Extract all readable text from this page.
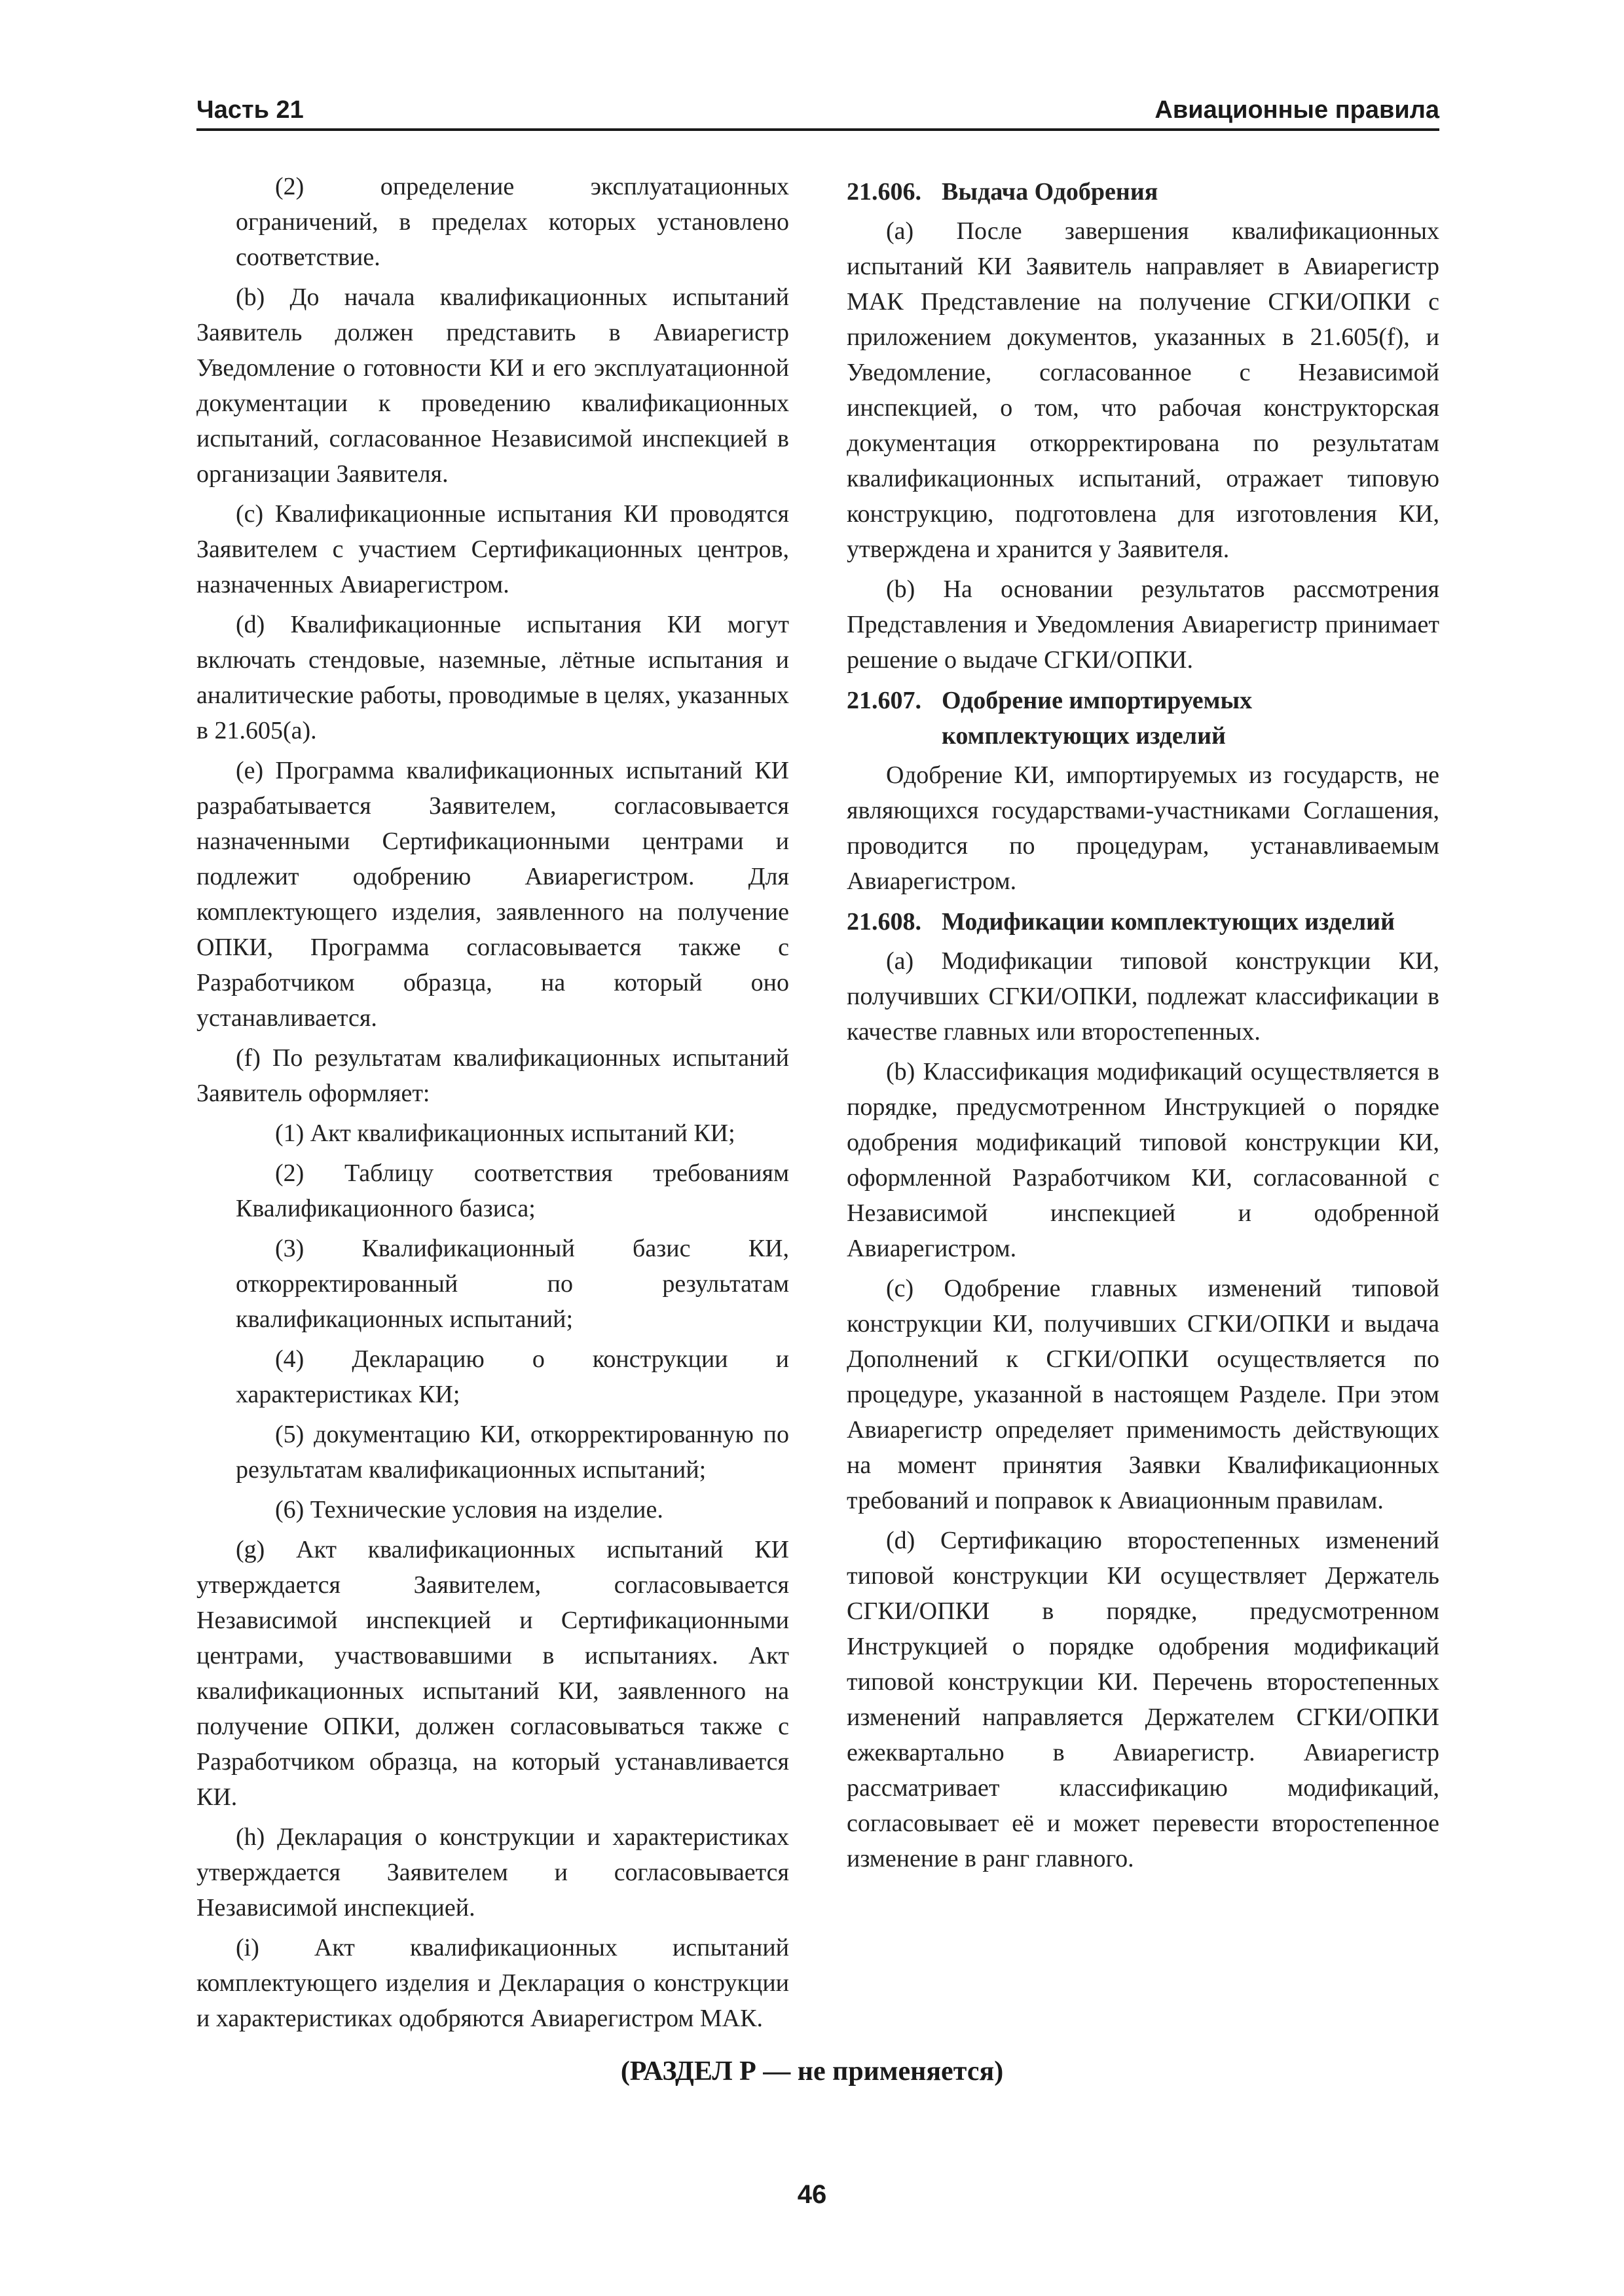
Часть 21	Авиационные правила

(2) определение эксплуатационных ограничений, в пределах которых установлено соответствие.

(b) До начала квалификационных испытаний Заявитель должен представить в Авиарегистр Уведомление о готовности КИ и его эксплуатационной документации к проведению квалификационных испытаний, согласованное Независимой инспекцией в организации Заявителя.

(c) Квалификационные испытания КИ проводятся Заявителем с участием Сертификационных центров, назначенных Авиарегистром.

(d) Квалификационные испытания КИ могут включать стендовые, наземные, лётные испытания и аналитические работы, проводимые в целях, указанных в 21.605(a).

(e) Программа квалификационных испытаний КИ разрабатывается Заявителем, согласовывается назначенными Сертификационными центрами и подлежит одобрению Авиарегистром. Для комплектующего изделия, заявленного на получение ОПКИ, Программа согласовывается также с Разработчиком образца, на который оно устанавливается.

(f) По результатам квалификационных испытаний Заявитель оформляет:

(1) Акт квалификационных испытаний КИ;

(2) Таблицу соответствия требованиям Квалификационного базиса;

(3) Квалификационный базис КИ, откорректированный по результатам квалификационных испытаний;

(4) Декларацию о конструкции и характеристиках КИ;

(5) документацию КИ, откорректированную по результатам квалификационных испытаний;

(6) Технические условия на изделие.

(g) Акт квалификационных испытаний КИ утверждается Заявителем, согласовывается Независимой инспекцией и Сертификационными центрами, участвовавшими в испытаниях. Акт квалификационных испытаний КИ, заявленного на получение ОПКИ, должен согласовываться также с Разработчиком образца, на который устанавливается КИ.

(h) Декларация о конструкции и характеристиках утверждается Заявителем и согласовывается Независимой инспекцией.

(i) Акт квалификационных испытаний комплектующего изделия и Декларация о конструкции и характеристиках одобряются Авиарегистром МАК.

21.606. Выдача Одобрения

(a) После завершения квалификационных испытаний КИ Заявитель направляет в Авиарегистр МАК Представление на получение СГКИ/ОПКИ с приложением документов, указанных в 21.605(f), и Уведомление, согласованное с Независимой инспекцией, о том, что рабочая конструкторская документация откорректирована по результатам квалификационных испытаний, отражает типовую конструкцию, подготовлена для изготовления КИ, утверждена и хранится у Заявителя.

(b) На основании результатов рассмотрения Представления и Уведомления Авиарегистр принимает решение о выдаче СГКИ/ОПКИ.

21.607. Одобрение импортируемых комплектующих изделий

Одобрение КИ, импортируемых из государств, не являющихся государствами-участниками Соглашения, проводится по процедурам, устанавливаемым Авиарегистром.

21.608. Модификации комплектующих изделий

(a) Модификации типовой конструкции КИ, получивших СГКИ/ОПКИ, подлежат классификации в качестве главных или второстепенных.

(b) Классификация модификаций осуществляется в порядке, предусмотренном Инструкцией о порядке одобрения модификаций типовой конструкции КИ, оформленной Разработчиком КИ, согласованной с Независимой инспекцией и одобренной Авиарегистром.

(c) Одобрение главных изменений типовой конструкции КИ, получивших СГКИ/ОПКИ и выдача Дополнений к СГКИ/ОПКИ осуществляется по процедуре, указанной в настоящем Разделе. При этом Авиарегистр определяет применимость действующих на момент принятия Заявки Квалификационных требований и поправок к Авиационным правилам.

(d) Сертификацию второстепенных изменений типовой конструкции КИ осуществляет Держатель СГКИ/ОПКИ в порядке, предусмотренном Инструкцией о порядке одобрения модификаций типовой конструкции КИ. Перечень второстепенных изменений направляется Держателем СГКИ/ОПКИ ежеквартально в Авиарегистр. Авиарегистр рассматривает классификацию модификаций, согласовывает её и может перевести второстепенное изменение в ранг главного.

(РАЗДЕЛ Р — не применяется)
46
